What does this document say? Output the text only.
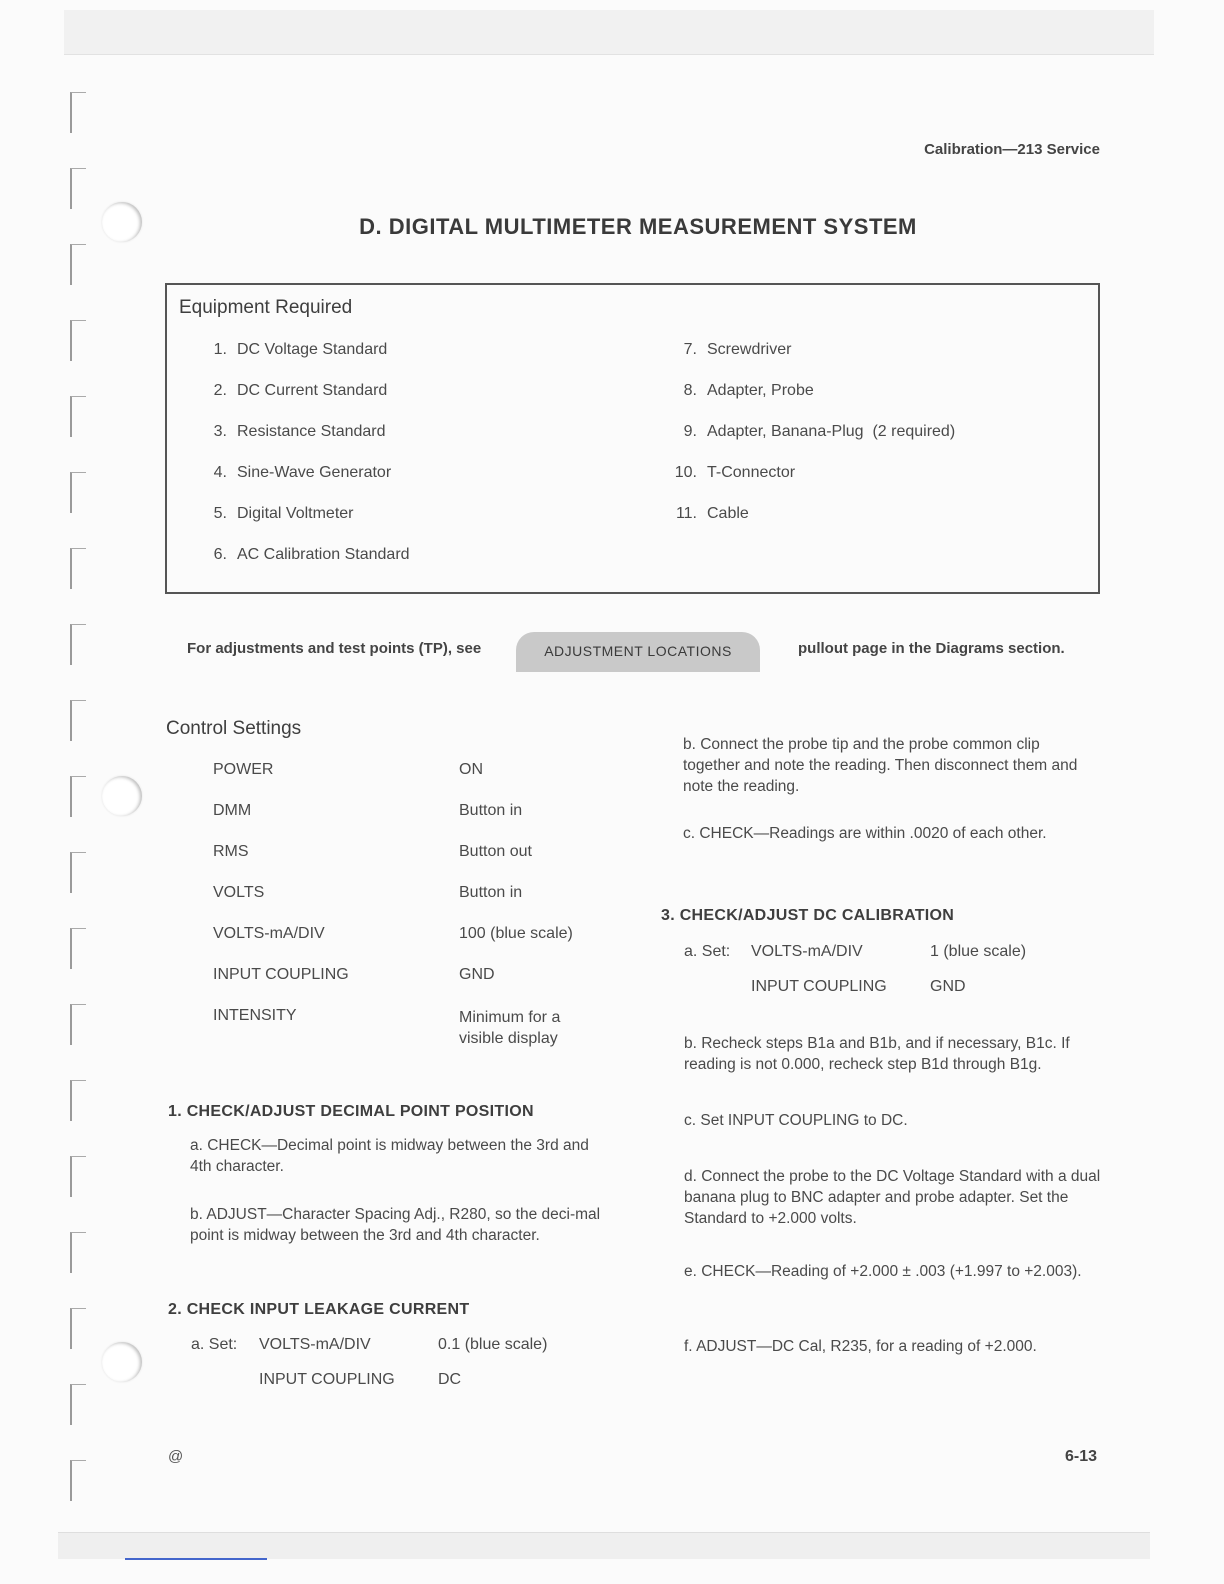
Calibration—213 Service
D. DIGITAL MULTIMETER MEASUREMENT SYSTEM
Equipment Required
1. DC Voltage Standard
2. DC Current Standard
3. Resistance Standard
4. Sine-Wave Generator
5. Digital Voltmeter
6. AC Calibration Standard
7. Screwdriver
8. Adapter, Probe
9. Adapter, Banana-Plug  (2 required)
10. T-Connector
11. Cable
For adjustments and test points (TP), see	ADJUSTMENT LOCATIONS	pullout page in the Diagrams section.
Control Settings
POWER	ON
DMM	Button in
RMS	Button out
VOLTS	Button in
VOLTS-mA/DIV	100 (blue scale)
INPUT COUPLING	GND
INTENSITY	Minimum for a visible display
1. CHECK/ADJUST DECIMAL POINT POSITION
a. CHECK—Decimal point is midway between the 3rd and 4th character.
b. ADJUST—Character Spacing Adj., R280, so the deci-mal point is midway between the 3rd and 4th character.
2. CHECK INPUT LEAKAGE CURRENT
a. Set: VOLTS-mA/DIV	0.1 (blue scale)
INPUT COUPLING	DC
b. Connect the probe tip and the probe common clip together and note the reading. Then disconnect them and note the reading.
c. CHECK—Readings are within .0020 of each other.
3. CHECK/ADJUST DC CALIBRATION
a. Set: VOLTS-mA/DIV	1 (blue scale)
INPUT COUPLING	GND
b. Recheck steps B1a and B1b, and if necessary, B1c. If reading is not 0.000, recheck step B1d through B1g.
c. Set INPUT COUPLING to DC.
d. Connect the probe to the DC Voltage Standard with a dual banana plug to BNC adapter and probe adapter. Set the Standard to +2.000 volts.
e. CHECK—Reading of +2.000 ± .003 (+1.997 to +2.003).
f. ADJUST—DC Cal, R235, for a reading of +2.000.
@	6-13
